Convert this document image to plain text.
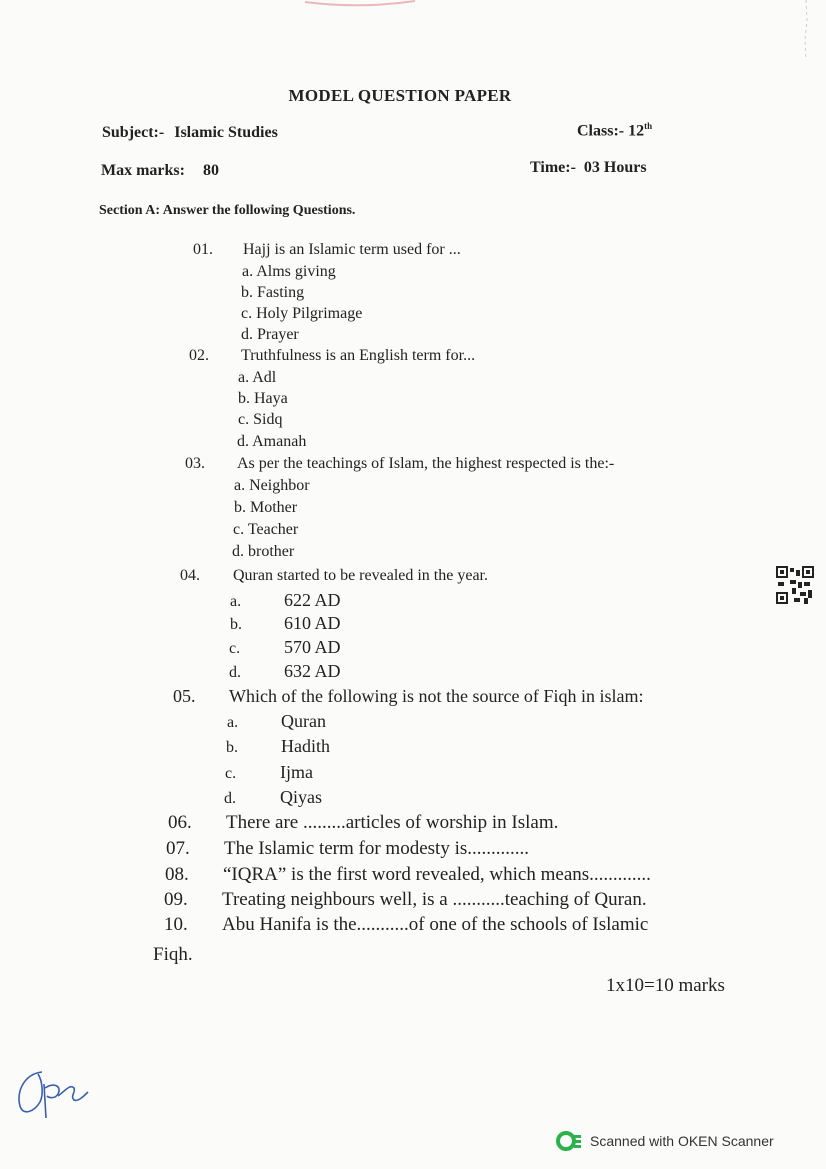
MODEL QUESTION PAPER
Subject:- Islamic Studies	Class:- 12th
Max marks: 80	Time:- 03 Hours
Section A: Answer the following Questions.
01. Hajj is an Islamic term used for ...
a. Alms giving
b. Fasting
c. Holy Pilgrimage
d. Prayer
02. Truthfulness is an English term for...
a. Adl
b. Haya
c. Sidq
d. Amanah
03. As per the teachings of Islam, the highest respected is the:-
a. Neighbor
b. Mother
c. Teacher
d. brother
04. Quran started to be revealed in the year.
a. 622 AD
b. 610 AD
c. 570 AD
d. 632 AD
05. Which of the following is not the source of Fiqh in islam:
a. Quran
b. Hadith
c. Ijma
d. Qiyas
06. There are .........articles of worship in Islam.
07. The Islamic term for modesty is.............
08. “IQRA” is the first word revealed, which means.............
09. Treating neighbours well, is a ...........teaching of Quran.
10. Abu Hanifa is the...........of one of the schools of Islamic
Fiqh.
1x10=10 marks
Scanned with OKEN Scanner
